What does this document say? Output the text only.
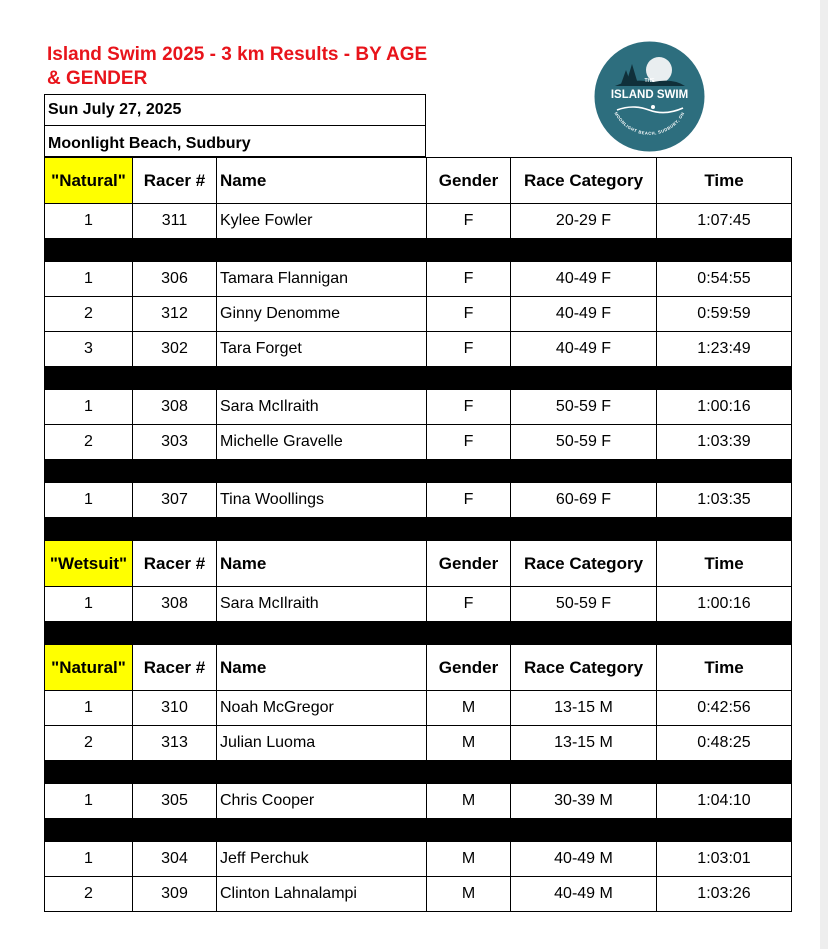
Island Swim 2025 - 3 km Results - BY AGE & GENDER	THE
ISLAND SWIM
MOONLIGHT BEACH, SUDBURY, ON
Sun July 27, 2025
Moonlight Beach, Sudbury
"Natural"	Racer #	Name	Gender	Race Category	Time
1	311	Kylee Fowler	F	20-29 F	1:07:45

1	306	Tamara Flannigan	F	40-49 F	0:54:55
2	312	Ginny Denomme	F	40-49 F	0:59:59
3	302	Tara Forget	F	40-49 F	1:23:49

1	308	Sara McIlraith	F	50-59 F	1:00:16
2	303	Michelle Gravelle	F	50-59 F	1:03:39

1	307	Tina Woollings	F	60-69 F	1:03:35

"Wetsuit"	Racer #	Name	Gender	Race Category	Time
1	308	Sara McIlraith	F	50-59 F	1:00:16

"Natural"	Racer #	Name	Gender	Race Category	Time
1	310	Noah McGregor	M	13-15 M	0:42:56
2	313	Julian Luoma	M	13-15 M	0:48:25

1	305	Chris Cooper	M	30-39 M	1:04:10

1	304	Jeff Perchuk	M	40-49 M	1:03:01
2	309	Clinton Lahnalampi	M	40-49 M	1:03:26
